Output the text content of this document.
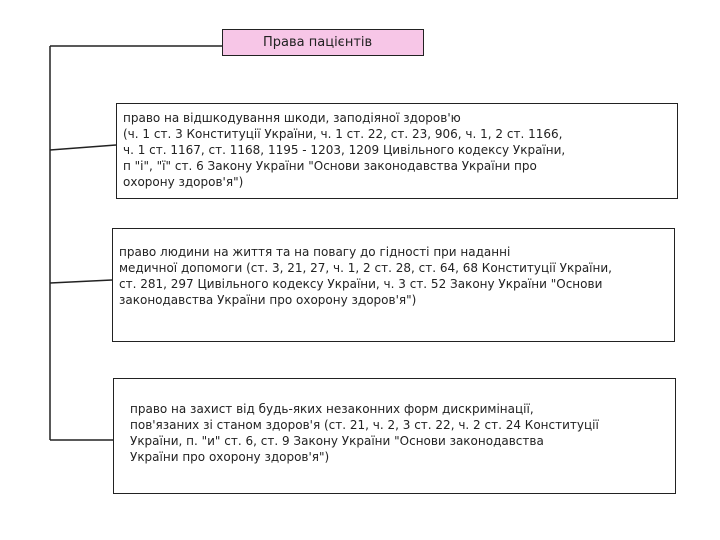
Права пацієнтів

право на відшкодування шкоди, заподіяної здоров'ю
(ч. 1 ст. 3 Конституції України, ч. 1 ст. 22, ст. 23, 906, ч. 1, 2 ст. 1166,
ч. 1 ст. 1167, ст. 1168, 1195 - 1203, 1209 Цивільного кодексу України,
п "і", "ї" ст. 6 Закону України "Основи законодавства України про
охорону здоров'я")

право людини на життя та на повагу до гідності при наданні
медичної допомоги (ст. 3, 21, 27, ч. 1, 2 ст. 28, ст. 64, 68 Конституції України,
ст. 281, 297 Цивільного кодексу України, ч. 3 ст. 52 Закону України "Основи
законодавства України про охорону здоров'я")

право на захист від будь-яких незаконних форм дискримінації,
пов'язаних зі станом здоров'я (ст. 21, ч. 2, 3 ст. 22, ч. 2 ст. 24 Конституції
України, п. "и" ст. 6, ст. 9 Закону України "Основи законодавства
України про охорону здоров'я")
